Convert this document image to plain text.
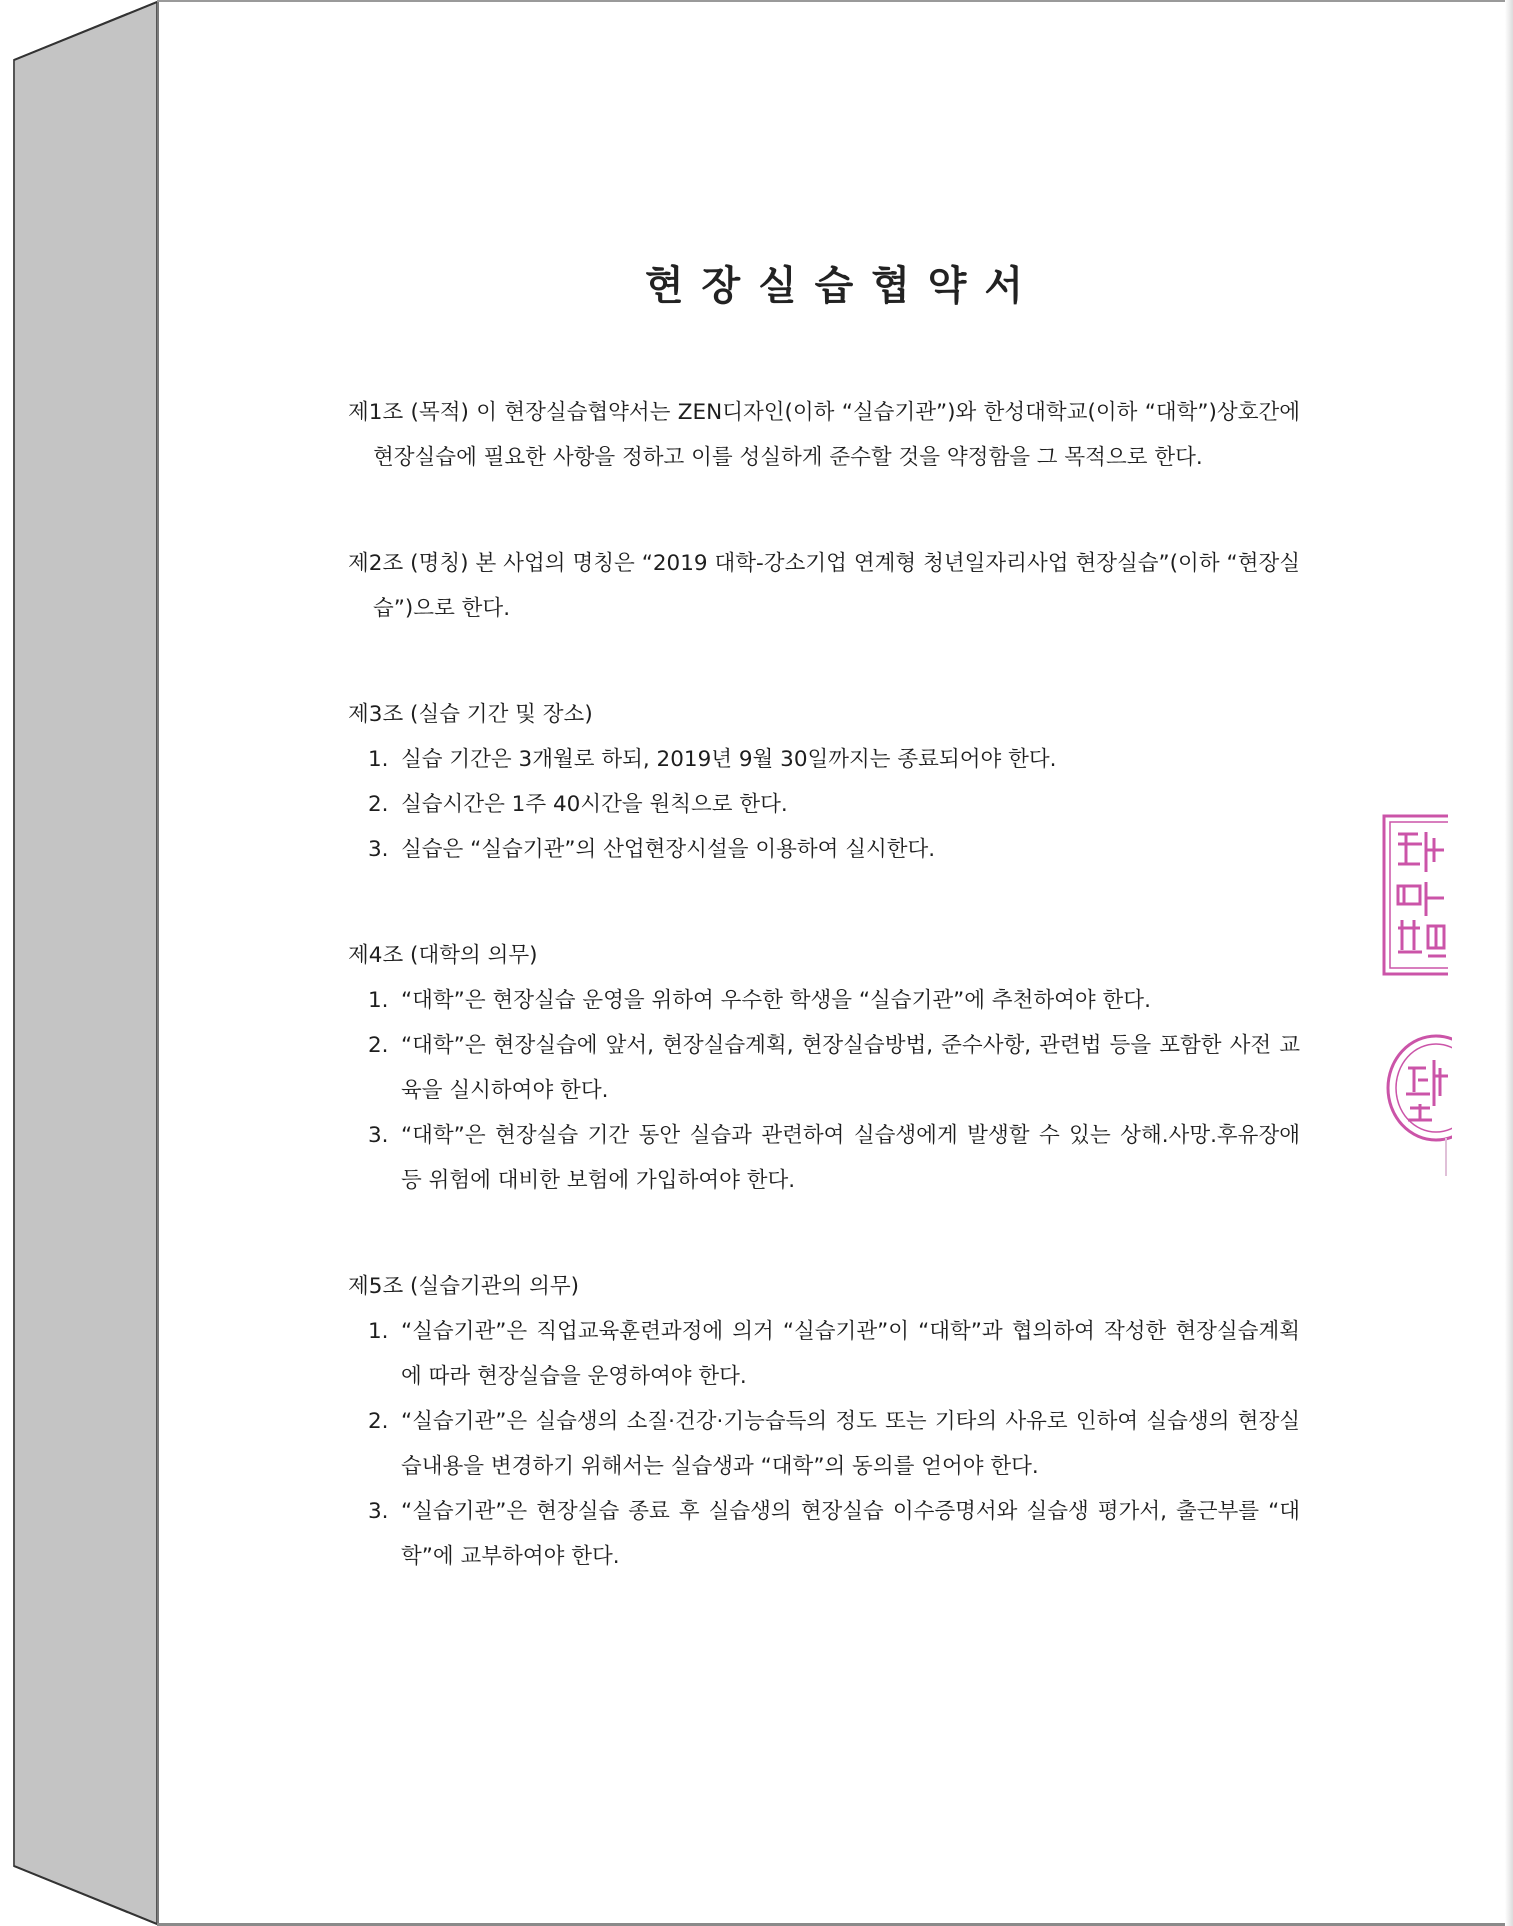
현 장 실 습 협 약 서

제1조 (목적) 이 현장실습협약서는 ZEN디자인(이하 “실습기관”)와 한성대학교(이하 “대학”)상호간에 현장실습에 필요한 사항을 정하고 이를 성실하게 준수할 것을 약정함을 그 목적으로 한다.

제2조 (명칭) 본 사업의 명칭은 “2019 대학-강소기업 연계형 청년일자리사업 현장실습”(이하 “현장실습”)으로 한다.

제3조 (실습 기간 및 장소)

1. 실습 기간은 3개월로 하되, 2019년 9월 30일까지는 종료되어야 한다.
2. 실습시간은 1주 40시간을 원칙으로 한다.
3. 실습은 “실습기관”의 산업현장시설을 이용하여 실시한다.

제4조 (대학의 의무)

1. “대학”은 현장실습 운영을 위하여 우수한 학생을 “실습기관”에 추천하여야 한다.
2. “대학”은 현장실습에 앞서, 현장실습계획, 현장실습방법, 준수사항, 관련법 등을 포함한 사전 교육을 실시하여야 한다.
3. “대학”은 현장실습 기간 동안 실습과 관련하여 실습생에게 발생할 수 있는 상해.사망.후유장애 등 위험에 대비한 보험에 가입하여야 한다.

제5조 (실습기관의 의무)

1. “실습기관”은 직업교육훈련과정에 의거 “실습기관”이 “대학”과 협의하여 작성한 현장실습계획에 따라 현장실습을 운영하여야 한다.
2. “실습기관”은 실습생의 소질·건강·기능습득의 정도 또는 기타의 사유로 인하여 실습생의 현장실습내용을 변경하기 위해서는 실습생과 “대학”의 동의를 얻어야 한다.
3. “실습기관”은 현장실습 종료 후 실습생의 현장실습 이수증명서와 실습생 평가서, 출근부를 “대학”에 교부하여야 한다.
